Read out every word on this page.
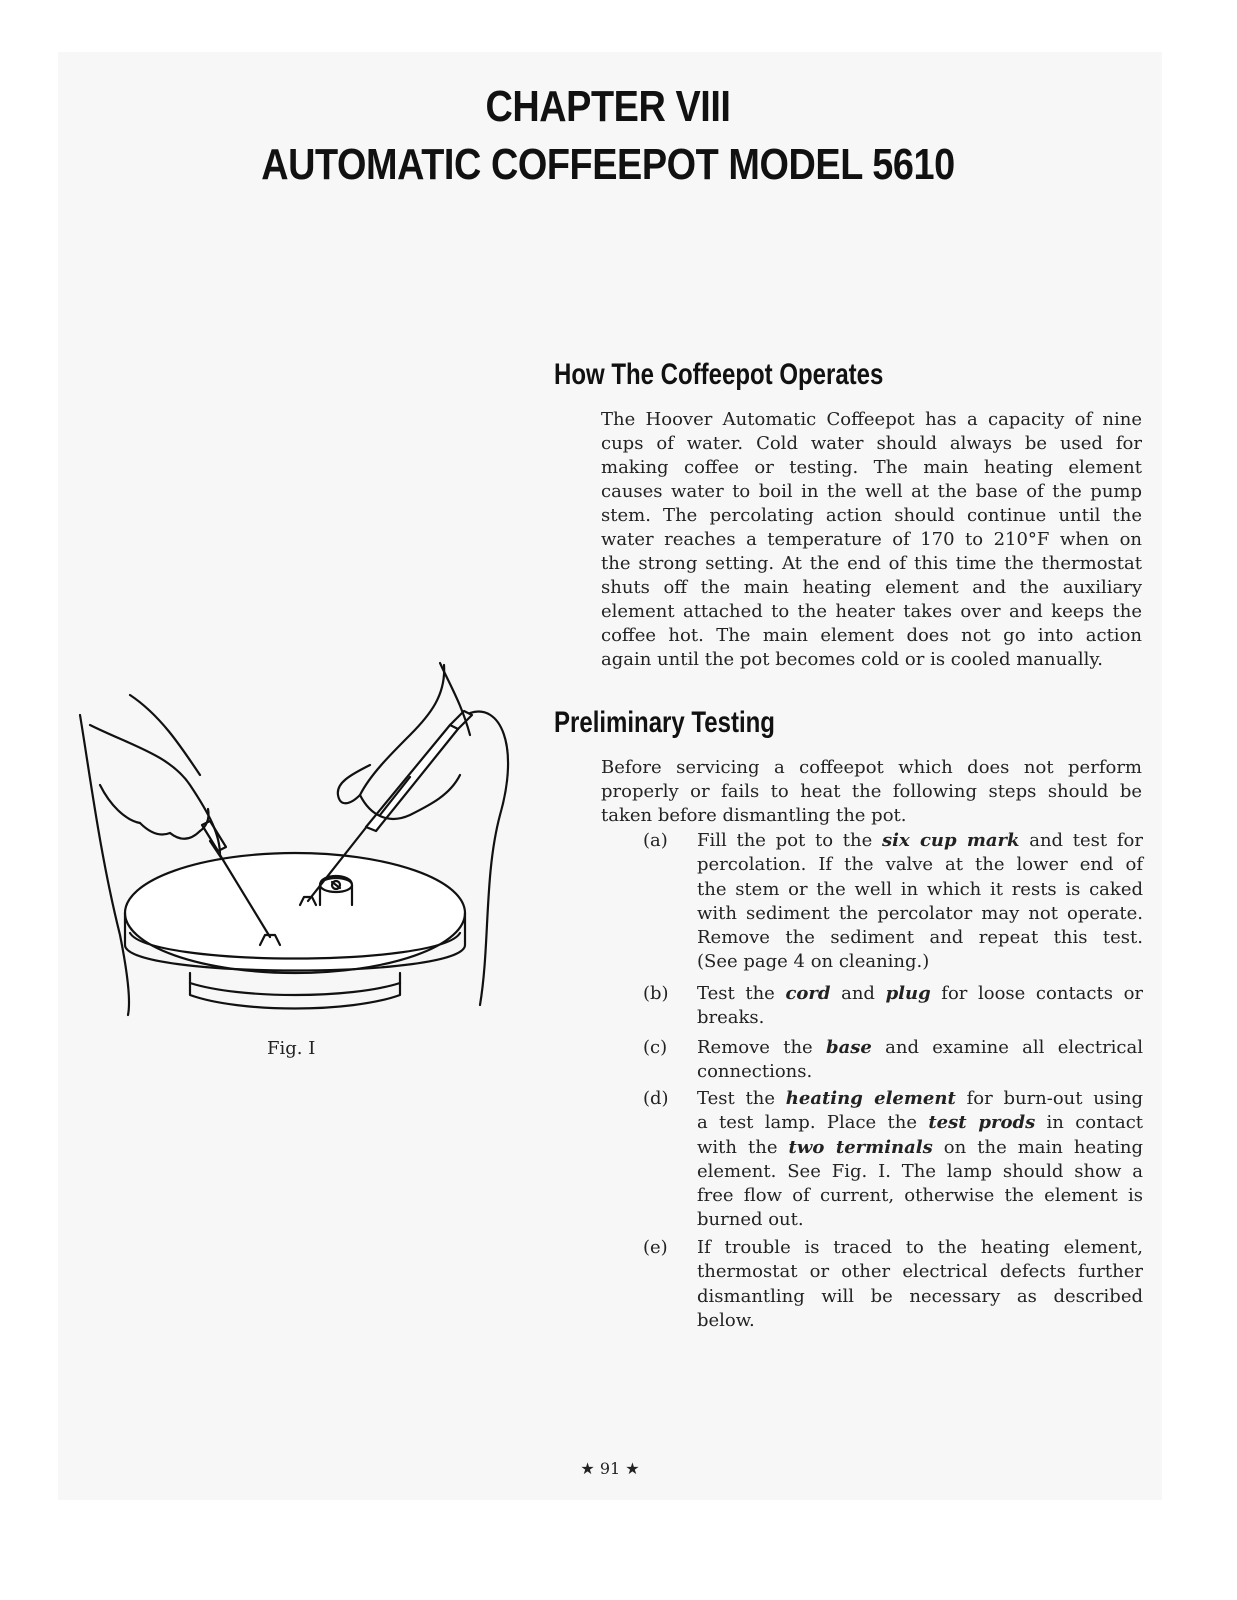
CHAPTER VIII
AUTOMATIC COFFEEPOT MODEL 5610
How The Coffeepot Operates
The Hoover Automatic Coffeepot has a capacity of nine
cups of water. Cold water should always be used for
making coffee or testing. The main heating element
causes water to boil in the well at the base of the pump
stem. The percolating action should continue until the
water reaches a temperature of 170 to 210°F when on
the strong setting. At the end of this time the thermostat
shuts off the main heating element and the auxiliary
element attached to the heater takes over and keeps the
coffee hot. The main element does not go into action
again until the pot becomes cold or is cooled manually.
Preliminary Testing
Before servicing a coffeepot which does not perform
properly or fails to heat the following steps should be
taken before dismantling the pot.
(a) Fill the pot to the six cup mark and test for
percolation. If the valve at the lower end of
the stem or the well in which it rests is caked
with sediment the percolator may not operate.
Remove the sediment and repeat this test.
(See page 4 on cleaning.)
(b) Test the cord and plug for loose contacts or
breaks.
(c) Remove the base and examine all electrical
connections.
(d) Test the heating element for burn-out using
a test lamp. Place the test prods in contact
with the two terminals on the main heating
element. See Fig. I. The lamp should show a
free flow of current, otherwise the element is
burned out.
(e) If trouble is traced to the heating element,
thermostat or other electrical defects further
dismantling will be necessary as described
below.
Fig. I
★ 91 ★
